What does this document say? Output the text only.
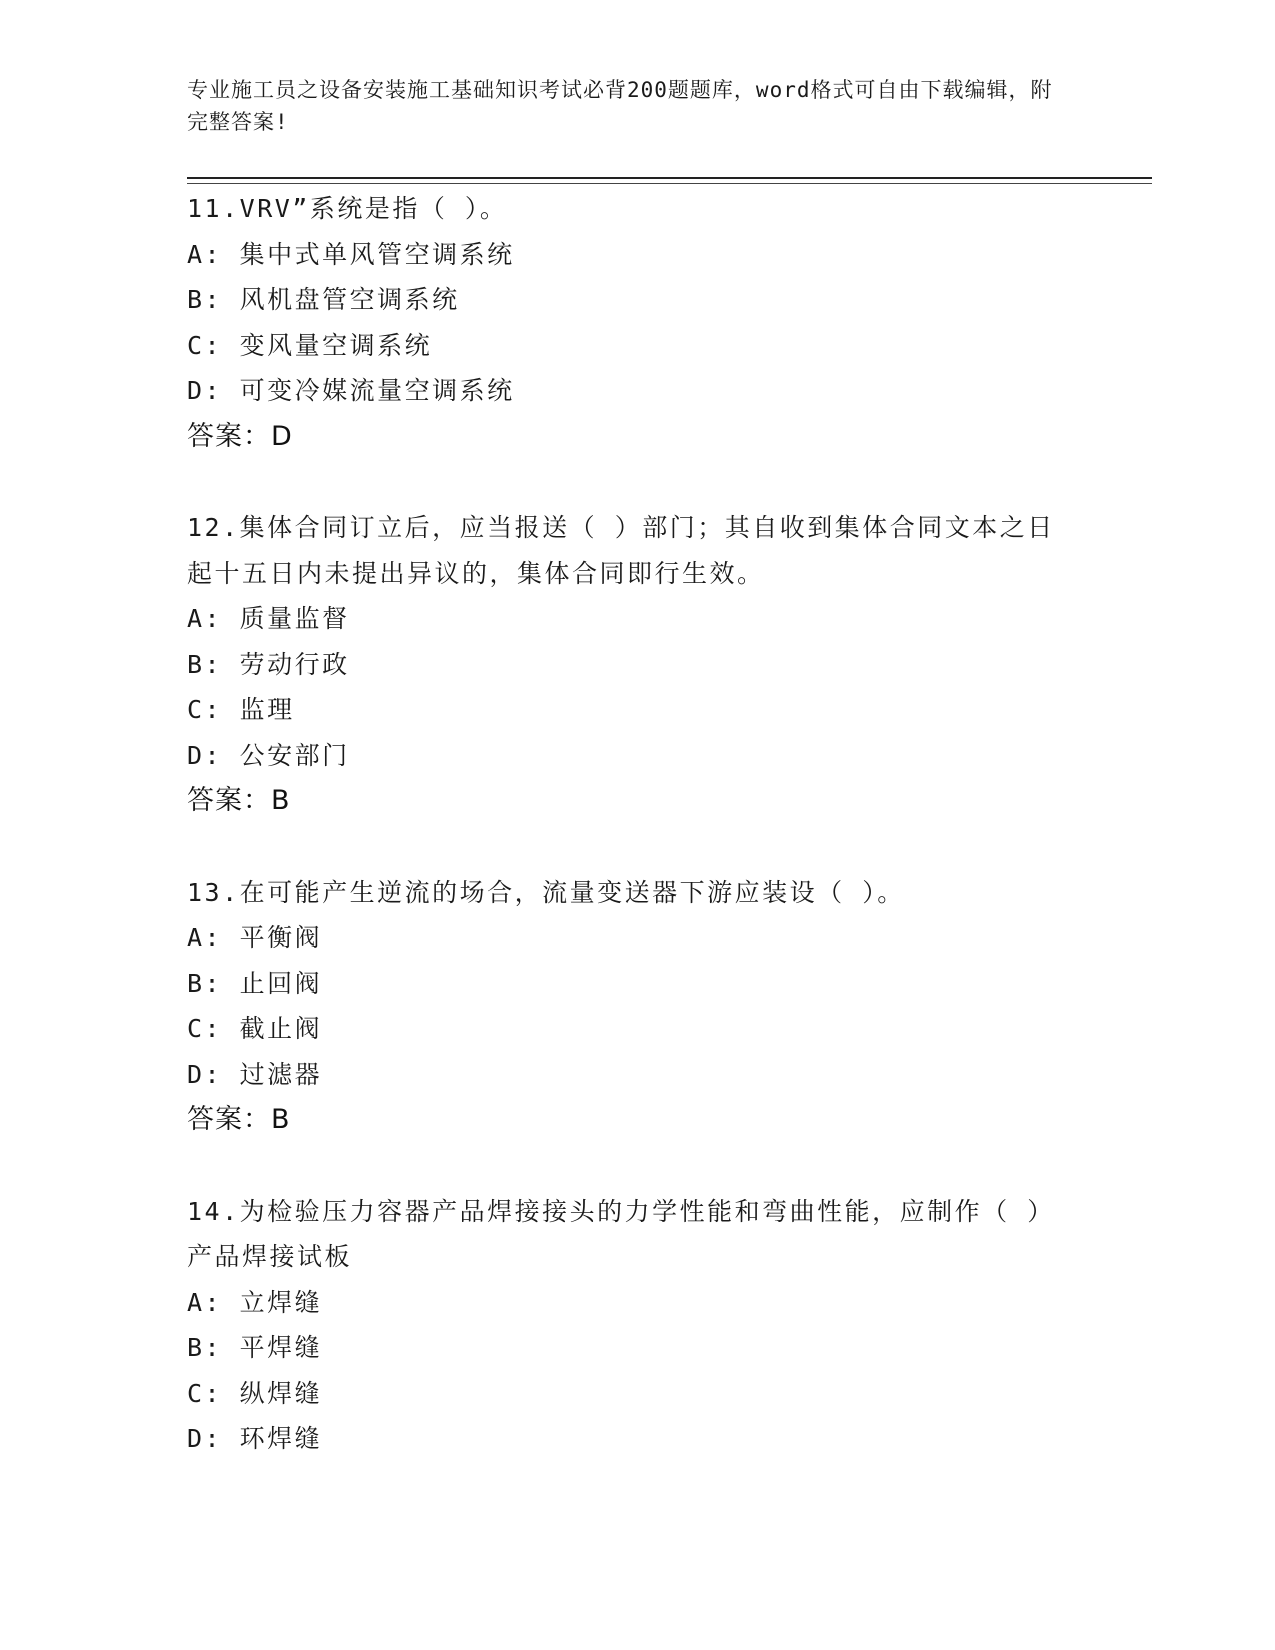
专业施工员之设备安装施工基础知识考试必背200题题库，word格式可自由下载编辑，附完整答案!
11.VRV”系统是指（ ）。
A: 集中式单风管空调系统
B: 风机盘管空调系统
C: 变风量空调系统
D: 可变冷媒流量空调系统
答案：D
12.集体合同订立后，应当报送（ ）部门；其自收到集体合同文本之日起十五日内未提出异议的，集体合同即行生效。
A: 质量监督
B: 劳动行政
C: 监理
D: 公安部门
答案：B
13.在可能产生逆流的场合，流量变送器下游应装设（ ）。
A: 平衡阀
B: 止回阀
C: 截止阀
D: 过滤器
答案：B
14.为检验压力容器产品焊接接头的力学性能和弯曲性能，应制作（ ）产品焊接试板
A: 立焊缝
B: 平焊缝
C: 纵焊缝
D: 环焊缝
